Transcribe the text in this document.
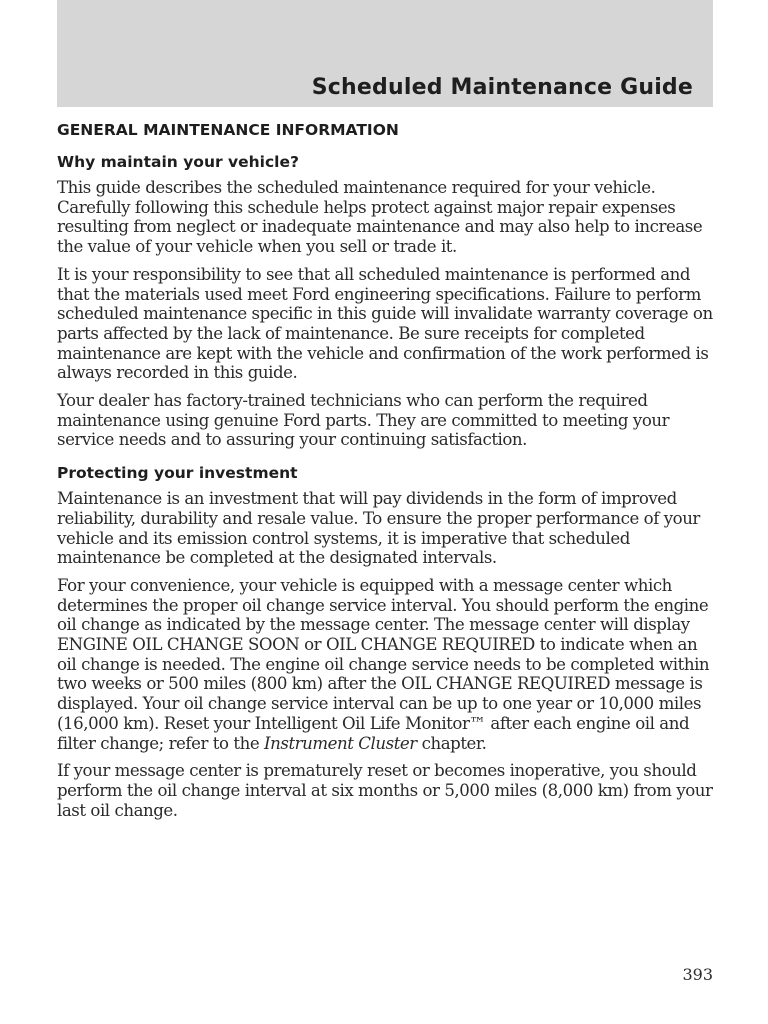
Scheduled Maintenance Guide
GENERAL MAINTENANCE INFORMATION
Why maintain your vehicle?

This guide describes the scheduled maintenance required for your vehicle. Carefully following this schedule helps protect against major repair expenses resulting from neglect or inadequate maintenance and may also help to increase the value of your vehicle when you sell or trade it.

It is your responsibility to see that all scheduled maintenance is performed and that the materials used meet Ford engineering specifications. Failure to perform scheduled maintenance specific in this guide will invalidate warranty coverage on parts affected by the lack of maintenance. Be sure receipts for completed maintenance are kept with the vehicle and confirmation of the work performed is always recorded in this guide.

Your dealer has factory-trained technicians who can perform the required maintenance using genuine Ford parts. They are committed to meeting your service needs and to assuring your continuing satisfaction.

Protecting your investment

Maintenance is an investment that will pay dividends in the form of improved reliability, durability and resale value. To ensure the proper performance of your vehicle and its emission control systems, it is imperative that scheduled maintenance be completed at the designated intervals.

For your convenience, your vehicle is equipped with a message center which determines the proper oil change service interval. You should perform the engine oil change as indicated by the message center. The message center will display ENGINE OIL CHANGE SOON or OIL CHANGE REQUIRED to indicate when an oil change is needed. The engine oil change service needs to be completed within two weeks or 500 miles (800 km) after the OIL CHANGE REQUIRED message is displayed. Your oil change service interval can be up to one year or 10,000 miles (16,000 km). Reset your Intelligent Oil Life Monitor™ after each engine oil and filter change; refer to the Instrument Cluster chapter.

If your message center is prematurely reset or becomes inoperative, you should perform the oil change interval at six months or 5,000 miles (8,000 km) from your last oil change.

393
